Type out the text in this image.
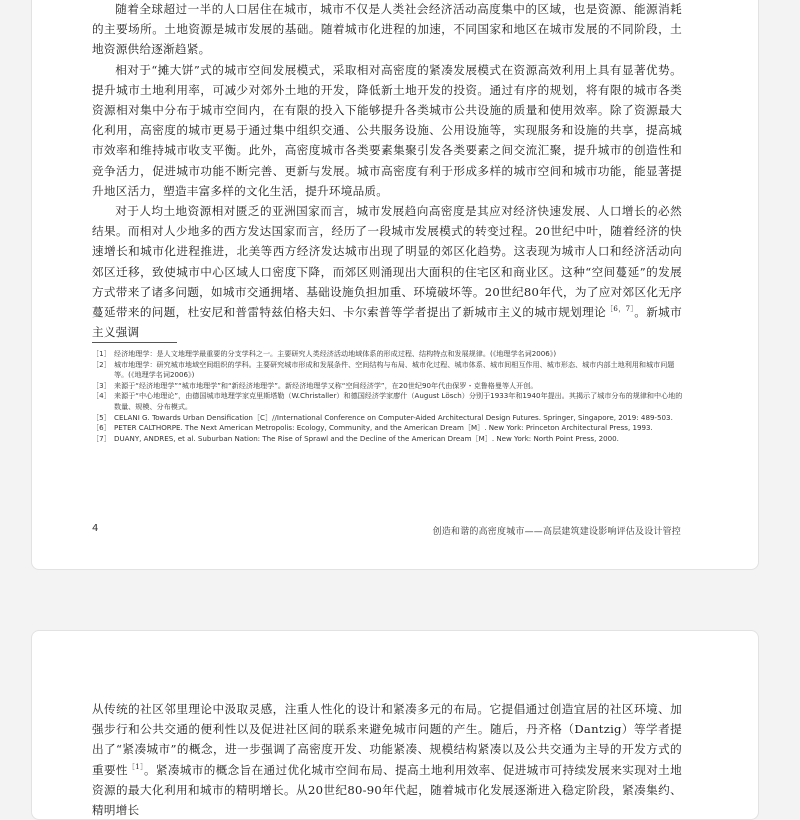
随着全球超过一半的人口居住在城市，城市不仅是人类社会经济活动高度集中的区域，也是资源、能源消耗的主要场所。土地资源是城市发展的基础。随着城市化进程的加速，不同国家和地区在城市发展的不同阶段，土地资源供给逐渐趋紧。

相对于“摊大饼”式的城市空间发展模式，采取相对高密度的紧凑发展模式在资源高效利用上具有显著优势。提升城市土地利用率，可减少对郊外土地的开发，降低新土地开发的投资。通过有序的规划，将有限的城市各类资源相对集中分布于城市空间内，在有限的投入下能够提升各类城市公共设施的质量和使用效率。除了资源最大化利用，高密度的城市更易于通过集中组织交通、公共服务设施、公用设施等，实现服务和设施的共享，提高城市效率和维持城市收支平衡。此外，高密度城市各类要素集聚引发各类要素之间交流汇聚，提升城市的创造性和竞争活力，促进城市功能不断完善、更新与发展。城市高密度有利于形成多样的城市空间和城市功能，能显著提升地区活力，塑造丰富多样的文化生活，提升环境品质。

对于人均土地资源相对匮乏的亚洲国家而言，城市发展趋向高密度是其应对经济快速发展、人口增长的必然结果。而相对人少地多的西方发达国家而言，经历了一段城市发展模式的转变过程。20世纪中叶，随着经济的快速增长和城市化进程推进，北美等西方经济发达城市出现了明显的郊区化趋势。这表现为城市人口和经济活动向郊区迁移，致使城市中心区域人口密度下降，而郊区则涌现出大面积的住宅区和商业区。这种“空间蔓延”的发展方式带来了诸多问题，如城市交通拥堵、基础设施负担加重、环境破坏等。20世纪80年代，为了应对郊区化无序蔓延带来的问题，杜安尼和普雷特兹伯格夫妇、卡尔索普等学者提出了新城市主义的城市规划理论$^{[6,7]}$。新城市主义强调

［1］ 经济地理学：是人文地理学最重要的分支学科之一。主要研究人类经济活动地域体系的形成过程、结构特点和发展规律。(《地理学名词2006》)
［2］ 城市地理学：研究城市地域空间组织的学科。主要研究城市形成和发展条件、空间结构与布局、城市化过程、城市体系、城市间相互作用、城市形态、城市内部土地利用和城市问题等。(《地理学名词2006》)
［3］ 来源于“经济地理学”“城市地理学”和“新经济地理学”。新经济地理学又称“空间经济学”，在20世纪90年代由保罗・克鲁格曼等人开创。
［4］ 来源于“中心地理论”，由德国城市地理学家克里斯塔勒（W.Christaller）和德国经济学家廖什（August Lösch）分别于1933年和1940年提出。其揭示了城市分布的规律和中心地的数量、规模、分布模式。
［5］ CELANI G. Towards Urban Densification［C］//International Conference on Computer-Aided Architectural Design Futures. Springer, Singapore, 2019: 489-503.
［6］ PETER CALTHORPE. The Next American Metropolis: Ecology, Community, and the American Dream［M］. New York: Princeton Architectural Press, 1993.
［7］ DUANY, ANDRES, et al. Suburban Nation: The Rise of Sprawl and the Decline of the American Dream［M］. New York: North Point Press, 2000.
4	创造和谐的高密度城市——高层建筑建设影响评估及设计管控

从传统的社区邻里理论中汲取灵感，注重人性化的设计和紧凑多元的布局。它提倡通过创造宜居的社区环境、加强步行和公共交通的便利性以及促进社区间的联系来避免城市问题的产生。随后，丹齐格（Dantzig）等学者提出了“紧凑城市”的概念，进一步强调了高密度开发、功能紧凑、规模结构紧凑以及公共交通为主导的开发方式的重要性$^{[1]}$。紧凑城市的概念旨在通过优化城市空间布局、提高土地利用效率、促进城市可持续发展来实现对土地资源的最大化利用和城市的精明增长。从20世纪80-90年代起，随着城市化发展逐渐进入稳定阶段，紧凑集约、精明增长
